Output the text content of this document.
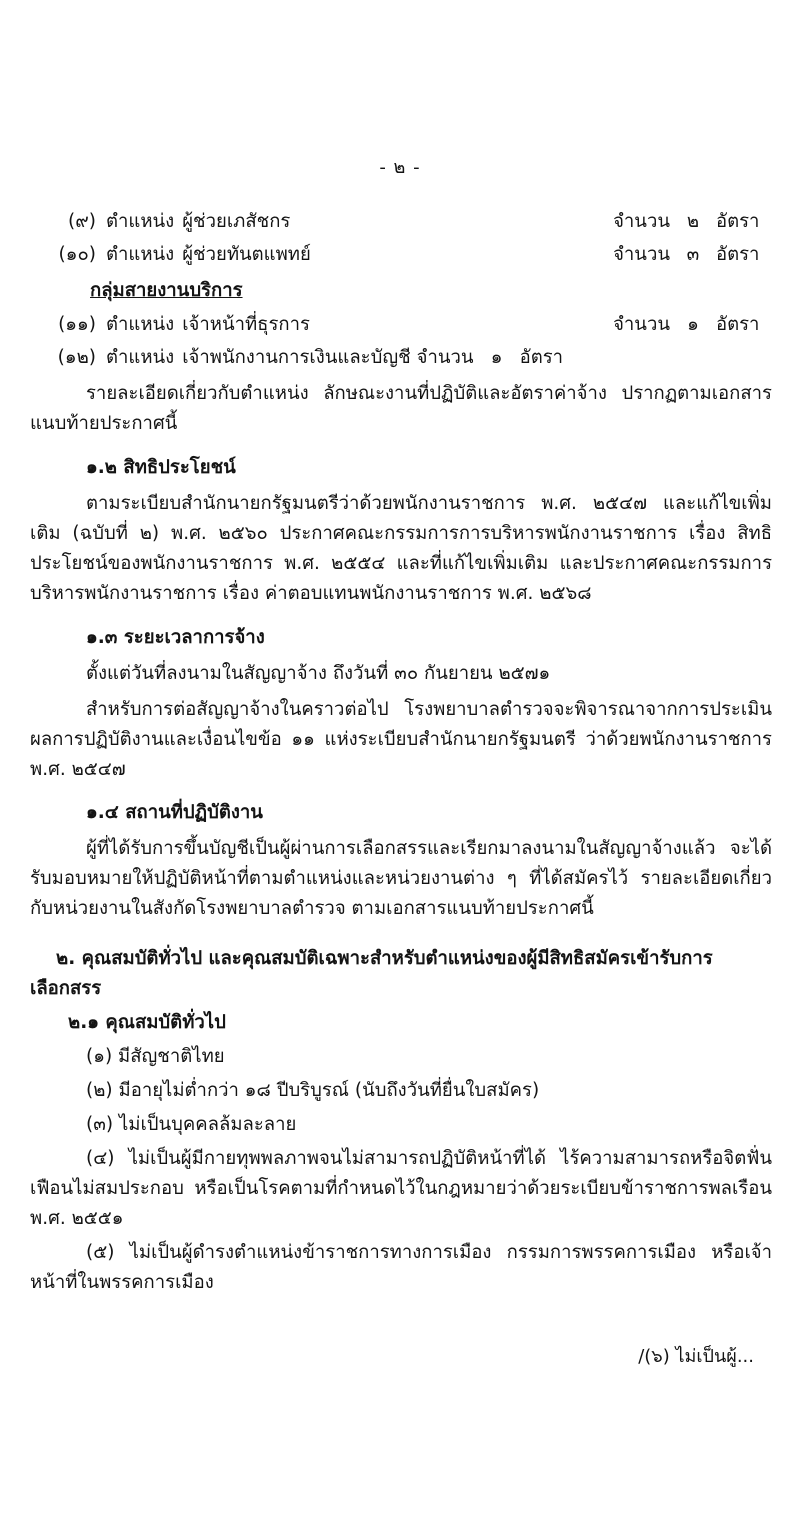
- ๒ -
(๙) ตำแหน่ง ผู้ช่วยเภสัชกร	จำนวน ๒ อัตรา
(๑๐) ตำแหน่ง ผู้ช่วยทันตแพทย์	จำนวน ๓ อัตรา
กลุ่มสายงานบริการ
(๑๑) ตำแหน่ง เจ้าหน้าที่ธุรการ	จำนวน ๑ อัตรา
(๑๒) ตำแหน่ง เจ้าพนักงานการเงินและบัญชี จำนวน ๑ อัตรา
รายละเอียดเกี่ยวกับตำแหน่ง ลักษณะงานที่ปฏิบัติและอัตราค่าจ้าง ปรากฏตามเอกสารแนบท้ายประกาศนี้
๑.๒ สิทธิประโยชน์
ตามระเบียบสำนักนายกรัฐมนตรีว่าด้วยพนักงานราชการ พ.ศ. ๒๕๔๗ และแก้ไขเพิ่มเติม (ฉบับที่ ๒) พ.ศ. ๒๕๖๐ ประกาศคณะกรรมการการบริหารพนักงานราชการ เรื่อง สิทธิประโยชน์ของพนักงานราชการ พ.ศ. ๒๕๕๔ และที่แก้ไขเพิ่มเติม และประกาศคณะกรรมการบริหารพนักงานราชการ เรื่อง ค่าตอบแทนพนักงานราชการ พ.ศ. ๒๕๖๘
๑.๓ ระยะเวลาการจ้าง
ตั้งแต่วันที่ลงนามในสัญญาจ้าง ถึงวันที่ ๓๐ กันยายน ๒๕๗๑
สำหรับการต่อสัญญาจ้างในคราวต่อไป โรงพยาบาลตำรวจจะพิจารณาจากการประเมินผลการปฏิบัติงานและเงื่อนไขข้อ ๑๑ แห่งระเบียบสำนักนายกรัฐมนตรี ว่าด้วยพนักงานราชการ พ.ศ. ๒๕๔๗
๑.๔ สถานที่ปฏิบัติงาน
ผู้ที่ได้รับการขึ้นบัญชีเป็นผู้ผ่านการเลือกสรรและเรียกมาลงนามในสัญญาจ้างแล้ว จะได้รับมอบหมายให้ปฏิบัติหน้าที่ตามตำแหน่งและหน่วยงานต่าง ๆ ที่ได้สมัครไว้ รายละเอียดเกี่ยวกับหน่วยงานในสังกัดโรงพยาบาลตำรวจ ตามเอกสารแนบท้ายประกาศนี้
๒. คุณสมบัติทั่วไป และคุณสมบัติเฉพาะสำหรับตำแหน่งของผู้มีสิทธิสมัครเข้ารับการเลือกสรร
๒.๑ คุณสมบัติทั่วไป
(๑) มีสัญชาติไทย
(๒) มีอายุไม่ต่ำกว่า ๑๘ ปีบริบูรณ์ (นับถึงวันที่ยื่นใบสมัคร)
(๓) ไม่เป็นบุคคลล้มละลาย
(๔) ไม่เป็นผู้มีกายทุพพลภาพจนไม่สามารถปฏิบัติหน้าที่ได้ ไร้ความสามารถหรือจิตฟั่นเฟือนไม่สมประกอบ หรือเป็นโรคตามที่กำหนดไว้ในกฎหมายว่าด้วยระเบียบข้าราชการพลเรือน พ.ศ. ๒๕๕๑
(๕) ไม่เป็นผู้ดำรงตำแหน่งข้าราชการทางการเมือง กรรมการพรรคการเมือง หรือเจ้าหน้าที่ในพรรคการเมือง
/(๖) ไม่เป็นผู้...
